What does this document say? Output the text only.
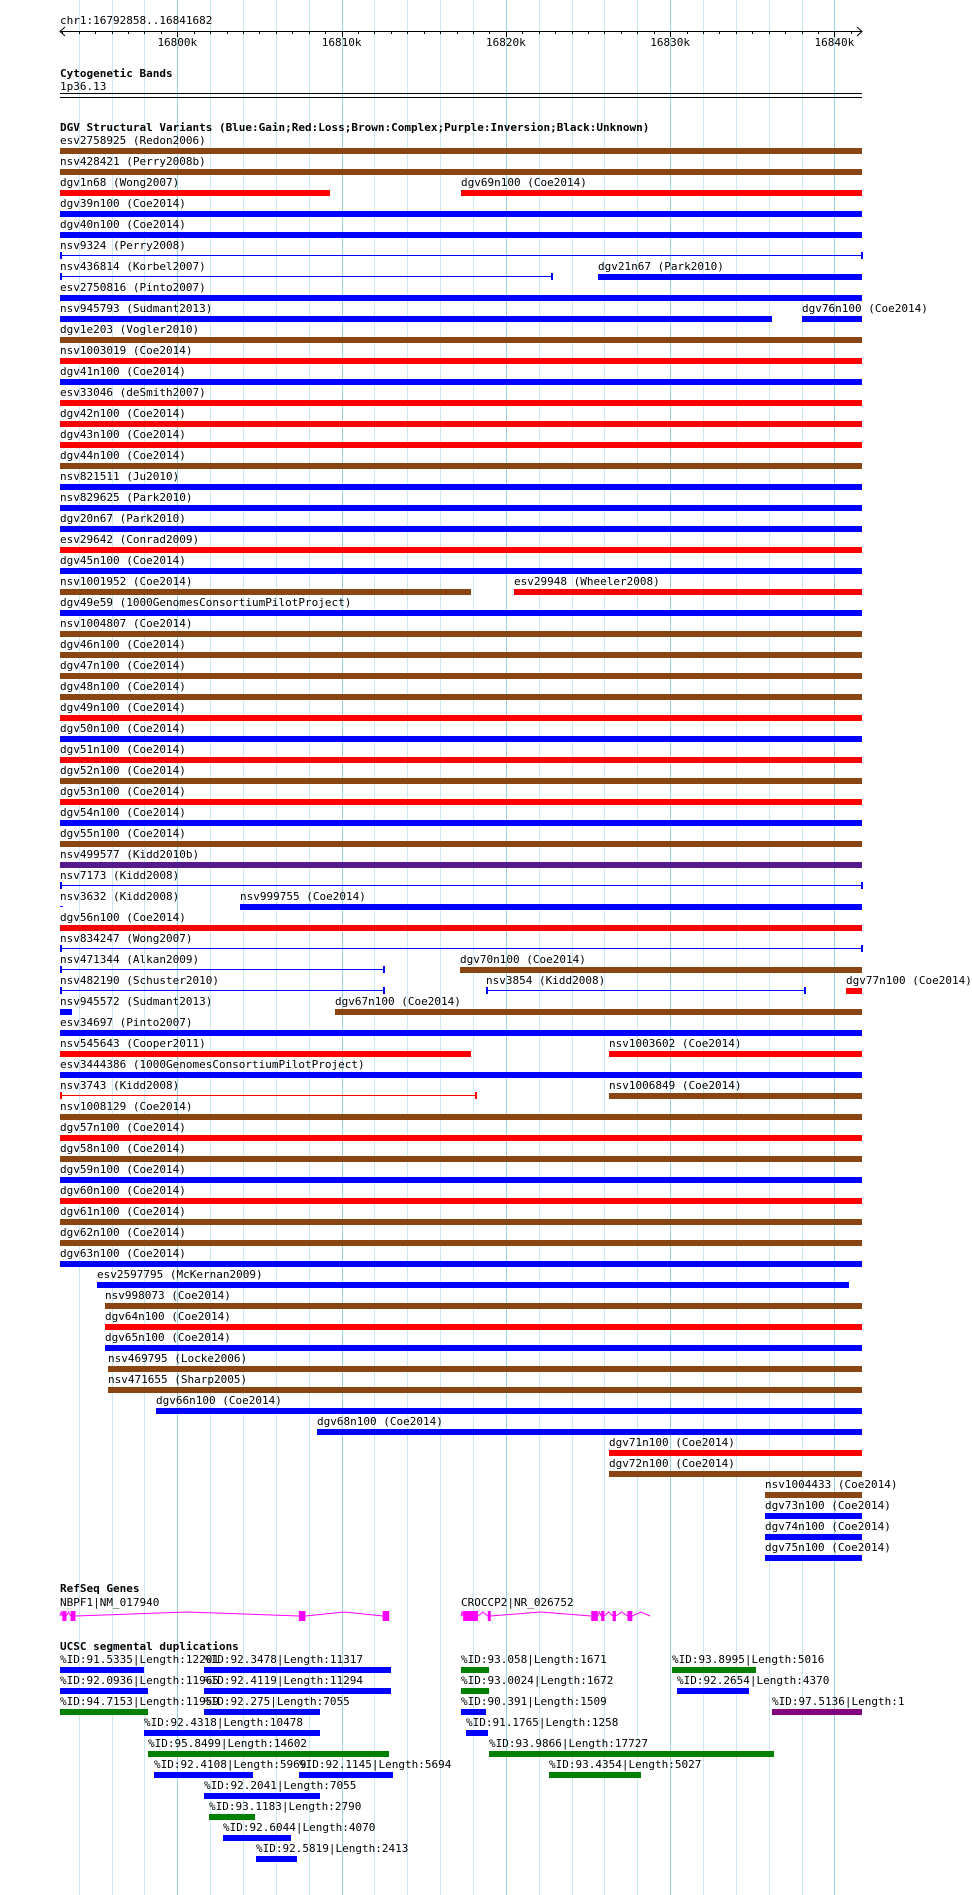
chr1:16792858..16841682
16800k	16810k	16820k	16830k	16840k
Cytogenetic Bands
1p36.13
DGV Structural Variants (Blue:Gain;Red:Loss;Brown:Complex;Purple:Inversion;Black:Unknown)
esv2758925 (Redon2006)
nsv428421 (Perry2008b)
dgv1n68 (Wong2007)	dgv69n100 (Coe2014)
dgv39n100 (Coe2014)
dgv40n100 (Coe2014)
nsv9324 (Perry2008)
nsv436814 (Korbel2007)	dgv21n67 (Park2010)
esv2750816 (Pinto2007)
nsv945793 (Sudmant2013)	dgv76n100 (Coe2014)
dgv1e203 (Vogler2010)
nsv1003019 (Coe2014)
dgv41n100 (Coe2014)
esv33046 (deSmith2007)
dgv42n100 (Coe2014)
dgv43n100 (Coe2014)
dgv44n100 (Coe2014)
nsv821511 (Ju2010)
nsv829625 (Park2010)
dgv20n67 (Park2010)
esv29642 (Conrad2009)
dgv45n100 (Coe2014)
nsv1001952 (Coe2014)	esv29948 (Wheeler2008)
dgv49e59 (1000GenomesConsortiumPilotProject)
nsv1004807 (Coe2014)
dgv46n100 (Coe2014)
dgv47n100 (Coe2014)
dgv48n100 (Coe2014)
dgv49n100 (Coe2014)
dgv50n100 (Coe2014)
dgv51n100 (Coe2014)
dgv52n100 (Coe2014)
dgv53n100 (Coe2014)
dgv54n100 (Coe2014)
dgv55n100 (Coe2014)
nsv499577 (Kidd2010b)
nsv7173 (Kidd2008)
nsv3632 (Kidd2008)	nsv999755 (Coe2014)
dgv56n100 (Coe2014)
nsv834247 (Wong2007)
nsv471344 (Alkan2009)	dgv70n100 (Coe2014)
nsv482190 (Schuster2010)	nsv3854 (Kidd2008)	dgv77n100 (Coe2014)
nsv945572 (Sudmant2013)	dgv67n100 (Coe2014)
esv34697 (Pinto2007)
nsv545643 (Cooper2011)	nsv1003602 (Coe2014)
esv3444386 (1000GenomesConsortiumPilotProject)
nsv3743 (Kidd2008)	nsv1006849 (Coe2014)
nsv1008129 (Coe2014)
dgv57n100 (Coe2014)
dgv58n100 (Coe2014)
dgv59n100 (Coe2014)
dgv60n100 (Coe2014)
dgv61n100 (Coe2014)
dgv62n100 (Coe2014)
dgv63n100 (Coe2014)
esv2597795 (McKernan2009)
nsv998073 (Coe2014)
dgv64n100 (Coe2014)
dgv65n100 (Coe2014)
nsv469795 (Locke2006)
nsv471655 (Sharp2005)
dgv66n100 (Coe2014)
dgv68n100 (Coe2014)
dgv71n100 (Coe2014)
dgv72n100 (Coe2014)
nsv1004433 (Coe2014)
dgv73n100 (Coe2014)
dgv74n100 (Coe2014)
dgv75n100 (Coe2014)
RefSeq Genes
NBPF1|NM_017940	CROCCP2|NR_026752
UCSC segmental duplications
%ID:91.5335|Length:12201
%ID:92.3478|Length:11317	%ID:93.058|Length:1671	%ID:93.8995|Length:5016
%ID:92.0936|Length:11965
%ID:92.4119|Length:11294	%ID:93.0024|Length:1672	%ID:92.2654|Length:4370
%ID:94.7153|Length:11959
%ID:92.275|Length:7055	%ID:90.391|Length:1509	%ID:97.5136|Length:1
%ID:92.4318|Length:10478	%ID:91.1765|Length:1258
%ID:95.8499|Length:14602	%ID:93.9866|Length:17727
%ID:92.4108|Length:5969
%ID:92.1145|Length:5694	%ID:93.4354|Length:5027
%ID:92.2041|Length:7055
%ID:93.1183|Length:2790
%ID:92.6044|Length:4070
%ID:92.5819|Length:2413
